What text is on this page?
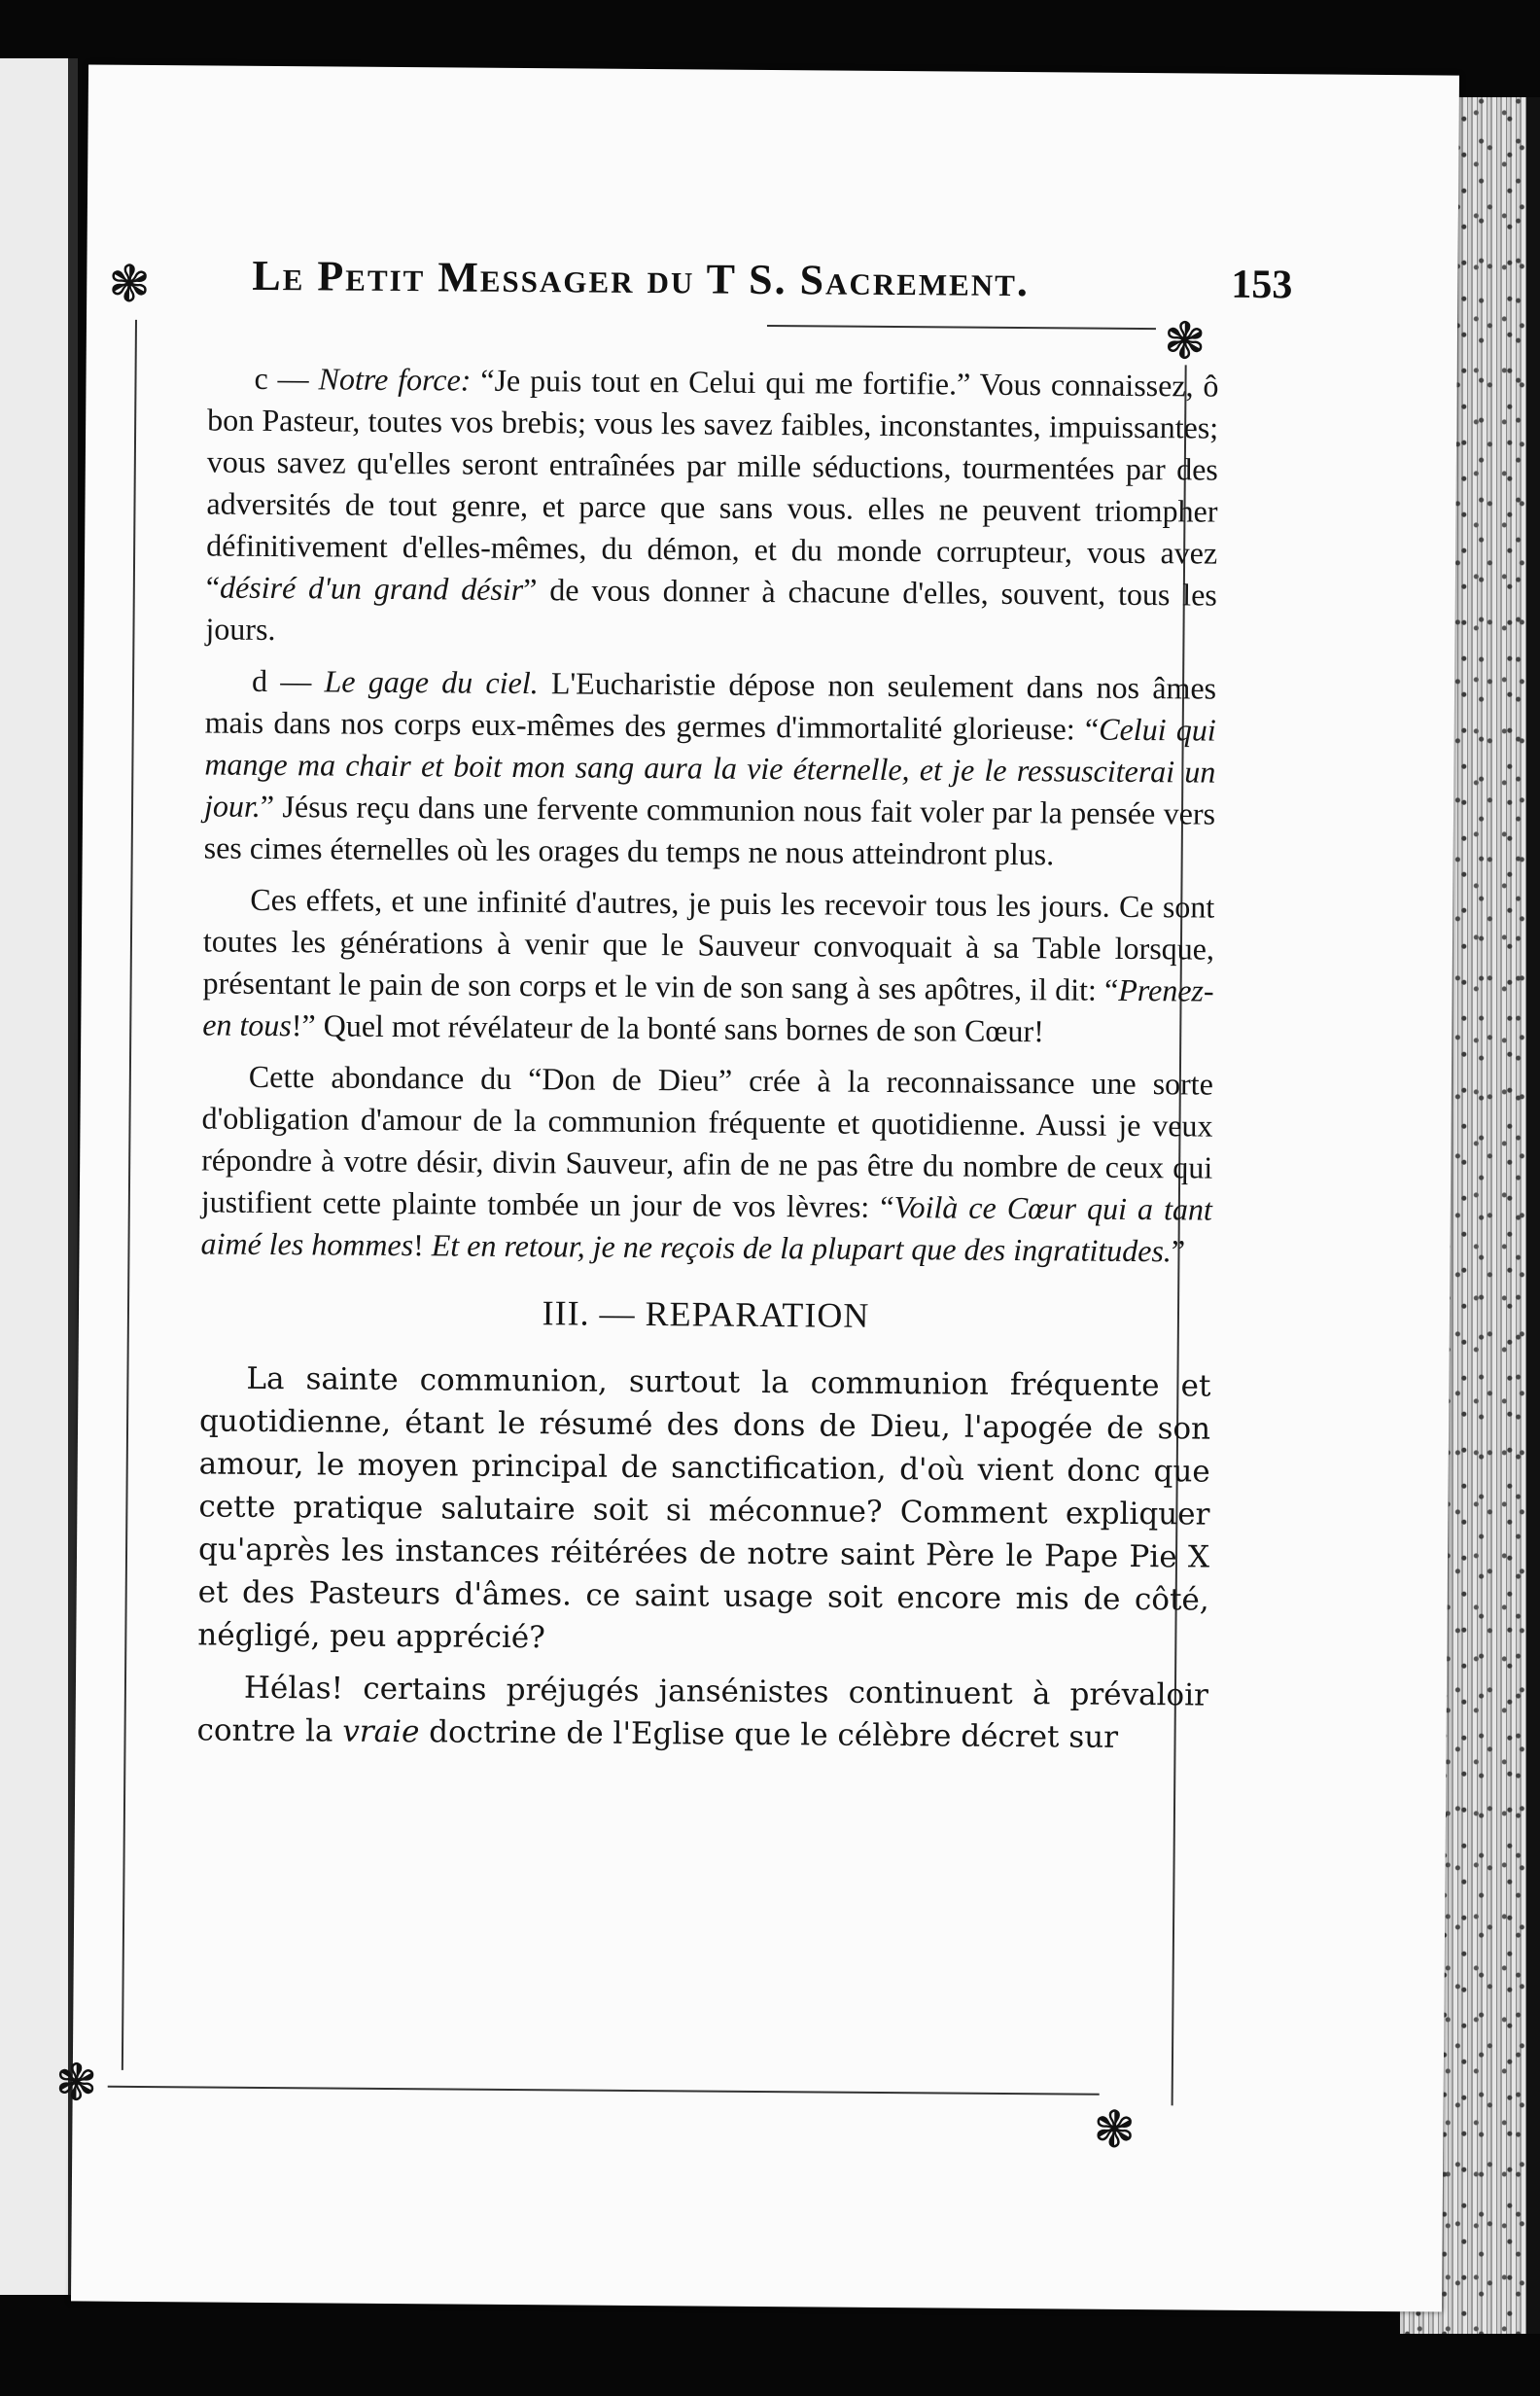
Le Petit Messager du T S. Sacrement.	153
❃
❃
❃
❃

c — Notre force: “Je puis tout en Celui qui me fortifie.” Vous connaissez, ô bon Pasteur, toutes vos brebis; vous les savez faibles, inconstantes, impuissantes; vous savez qu'elles seront entraînées par mille séductions, tourmentées par des adversités de tout genre, et parce que sans vous. elles ne peuvent triompher définitivement d'elles-mêmes, du démon, et du monde corrupteur, vous avez “désiré d'un grand désir” de vous donner à chacune d'elles, souvent, tous les jours.

d — Le gage du ciel. L'Eucharistie dépose non seulement dans nos âmes mais dans nos corps eux-mêmes des germes d'immortalité glorieuse: “Celui qui mange ma chair et boit mon sang aura la vie éternelle, et je le ressusciterai un jour.” Jésus reçu dans une fervente communion nous fait voler par la pensée vers ses cimes éternelles où les orages du temps ne nous atteindront plus.

Ces effets, et une infinité d'autres, je puis les recevoir tous les jours. Ce sont toutes les générations à venir que le Sauveur convoquait à sa Table lorsque, présentant le pain de son corps et le vin de son sang à ses apôtres, il dit: “Prenez-en tous!” Quel mot révélateur de la bonté sans bornes de son Cœur!

Cette abondance du “Don de Dieu” crée à la reconnaissance une sorte d'obligation d'amour de la communion fréquente et quotidienne. Aussi je veux répondre à votre désir, divin Sauveur, afin de ne pas être du nombre de ceux qui justifient cette plainte tombée un jour de vos lèvres: “Voilà ce Cœur qui a tant aimé les hommes! Et en retour, je ne reçois de la plupart que des ingratitudes.”

III. — REPARATION

La sainte communion, surtout la communion fréquente et quotidienne, étant le résumé des dons de Dieu, l'apogée de son amour, le moyen principal de sanctification, d'où vient donc que cette pratique salutaire soit si méconnue? Comment expliquer qu'après les instances réitérées de notre saint Père le Pape Pie X et des Pasteurs d'âmes. ce saint usage soit encore mis de côté, négligé, peu apprécié?

Hélas! certains préjugés jansénistes continuent à prévaloir contre la vraie doctrine de l'Eglise que le célèbre décret sur
